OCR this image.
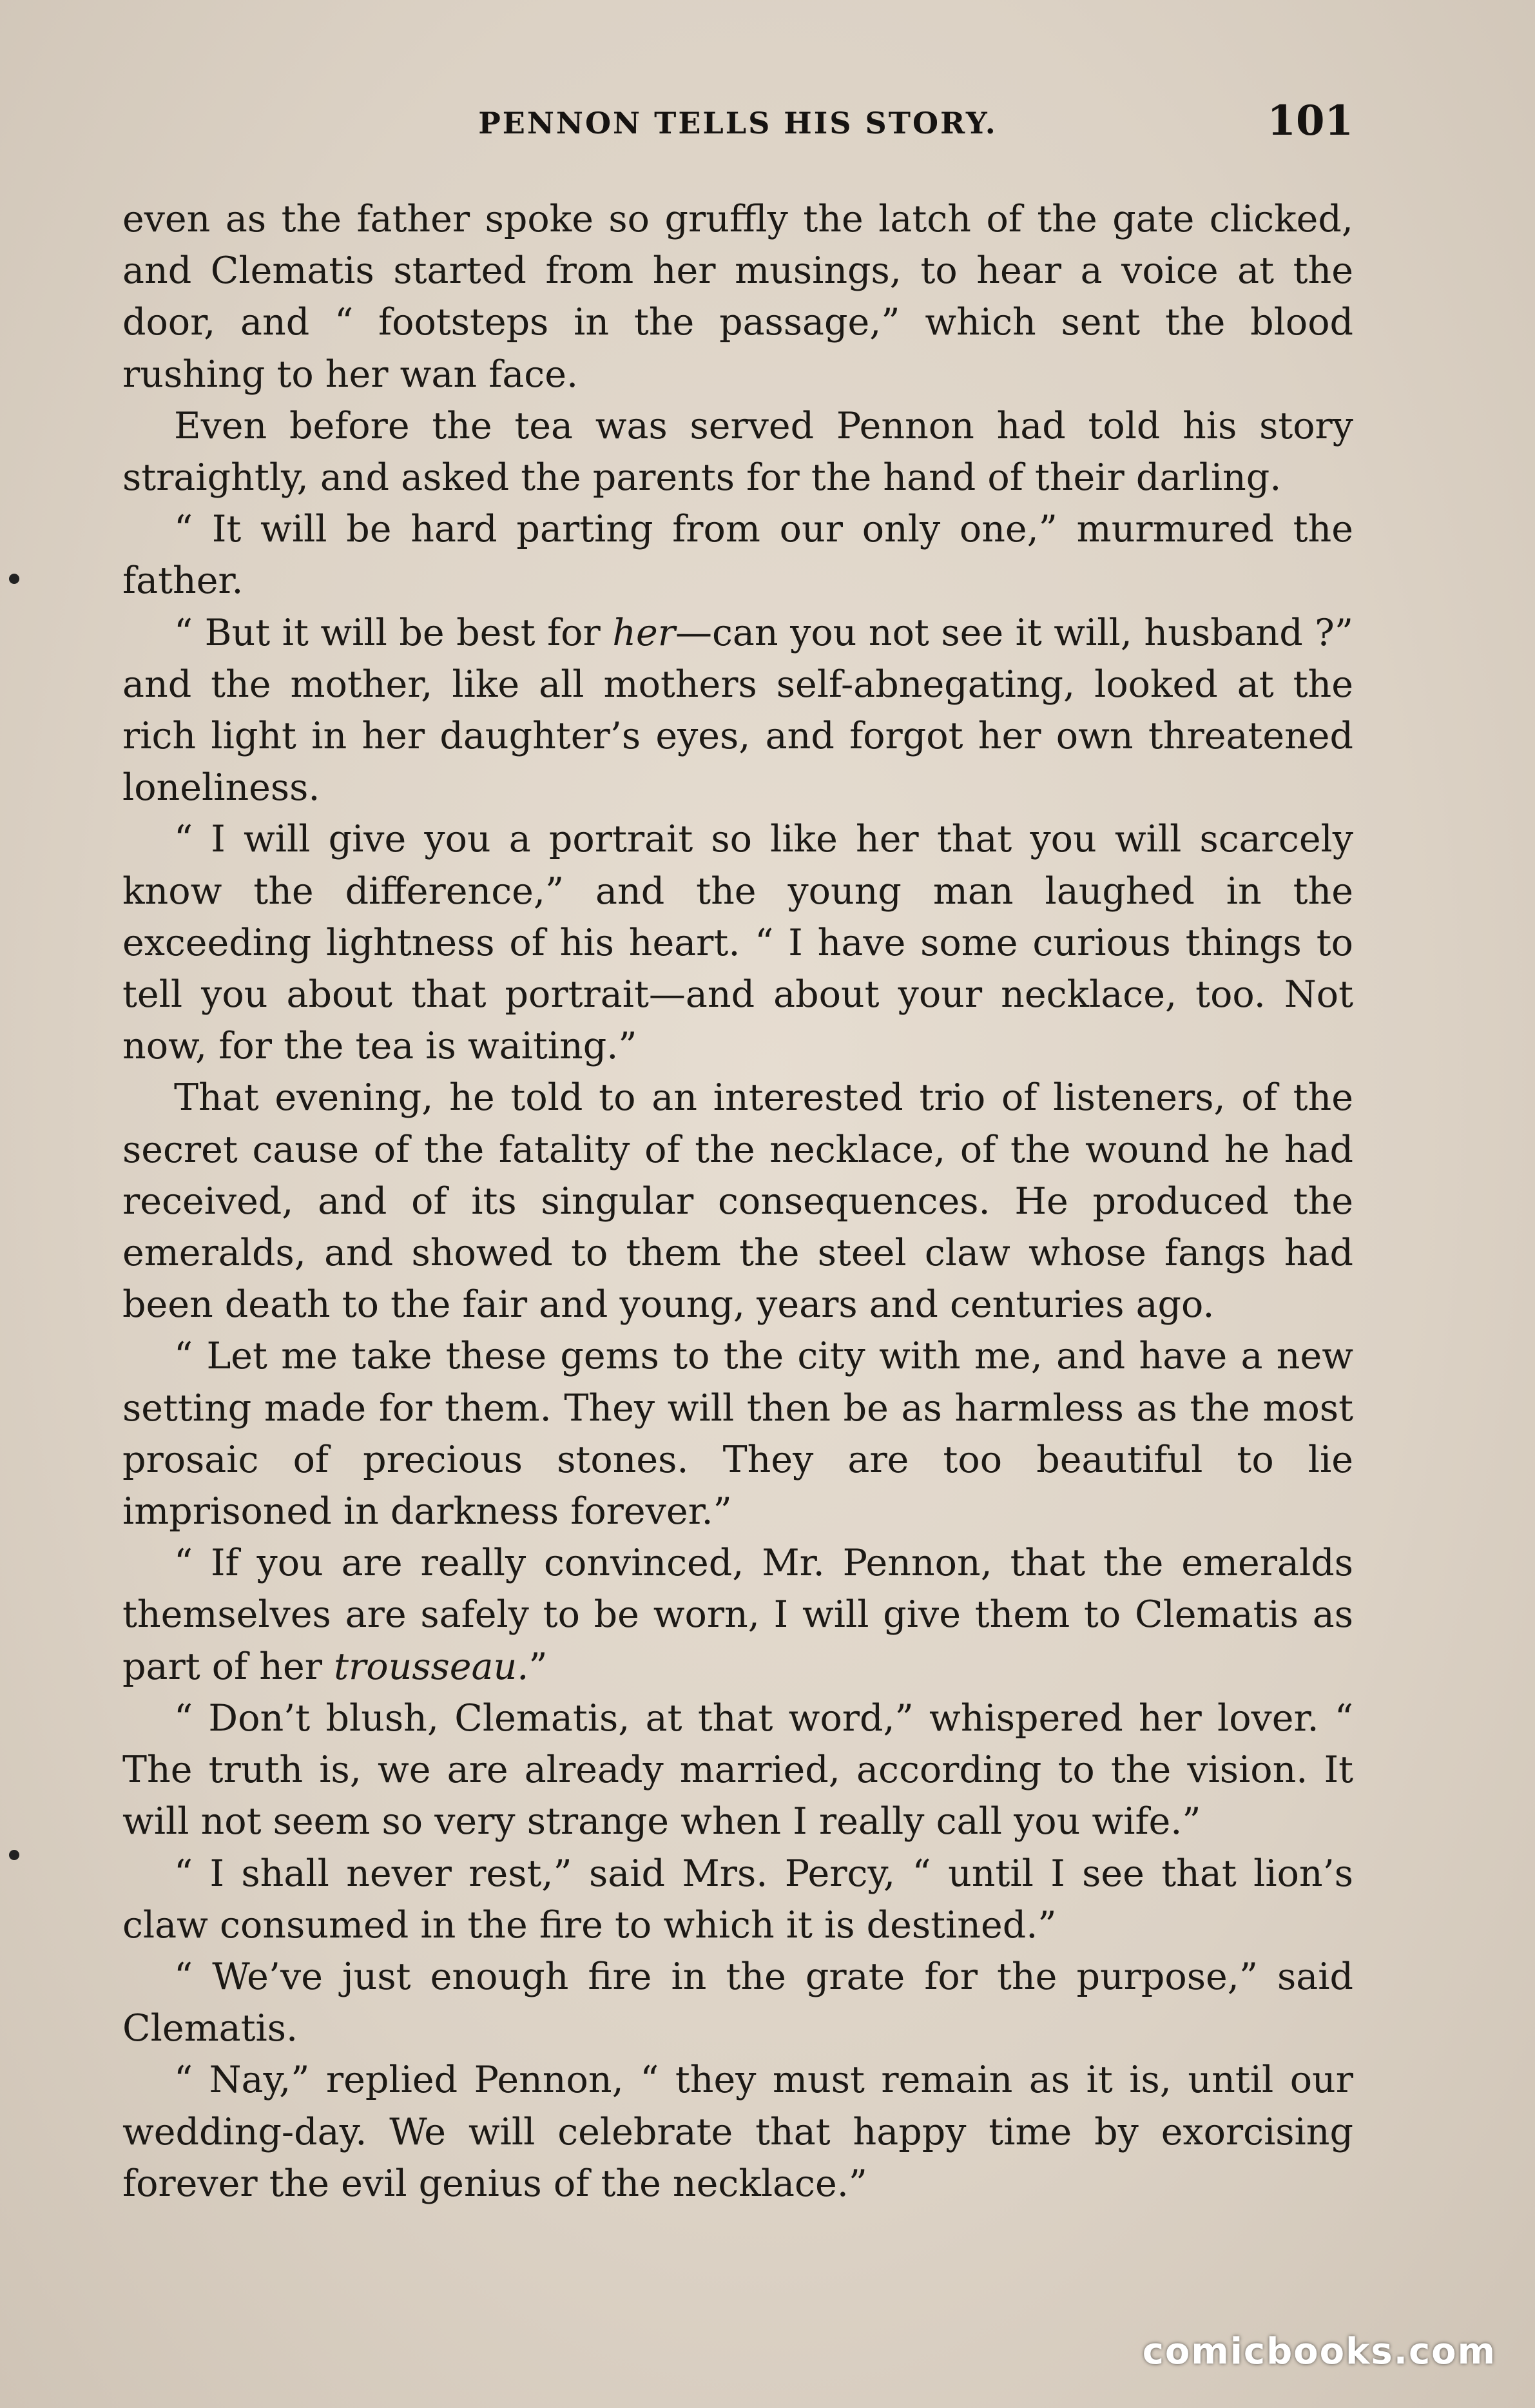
PENNON TELLS HIS STORY.	101

even as the father spoke so gruffly the latch of the gate clicked, and Clematis started from her musings, to hear a voice at the door, and “ footsteps in the passage,” which sent the blood rushing to her wan face.

Even before the tea was served Pennon had told his story straightly, and asked the parents for the hand of their darling.

“ It will be hard parting from our only one,” murmured the father.

“ But it will be best for her—can you not see it will, husband ?” and the mother, like all mothers self-abnegating, looked at the rich light in her daughter’s eyes, and forgot her own threatened loneliness.

“ I will give you a portrait so like her that you will scarcely know the difference,” and the young man laughed in the exceeding lightness of his heart. “ I have some curious things to tell you about that portrait—and about your necklace, too. Not now, for the tea is waiting.”

That evening, he told to an interested trio of listeners, of the secret cause of the fatality of the necklace, of the wound he had received, and of its singular consequences. He produced the emeralds, and showed to them the steel claw whose fangs had been death to the fair and young, years and centuries ago.

“ Let me take these gems to the city with me, and have a new setting made for them. They will then be as harmless as the most prosaic of precious stones. They are too beautiful to lie imprisoned in darkness forever.”

“ If you are really convinced, Mr. Pennon, that the emeralds themselves are safely to be worn, I will give them to Clematis as part of her trousseau.”

“ Don’t blush, Clematis, at that word,” whispered her lover. “ The truth is, we are already married, according to the vision. It will not seem so very strange when I really call you wife.”

“ I shall never rest,” said Mrs. Percy, “ until I see that lion’s claw consumed in the fire to which it is destined.”

“ We’ve just enough fire in the grate for the purpose,” said Clematis.

“ Nay,” replied Pennon, “ they must remain as it is, until our wedding-day. We will celebrate that happy time by exorcising forever the evil genius of the necklace.”

comicbooks.com
